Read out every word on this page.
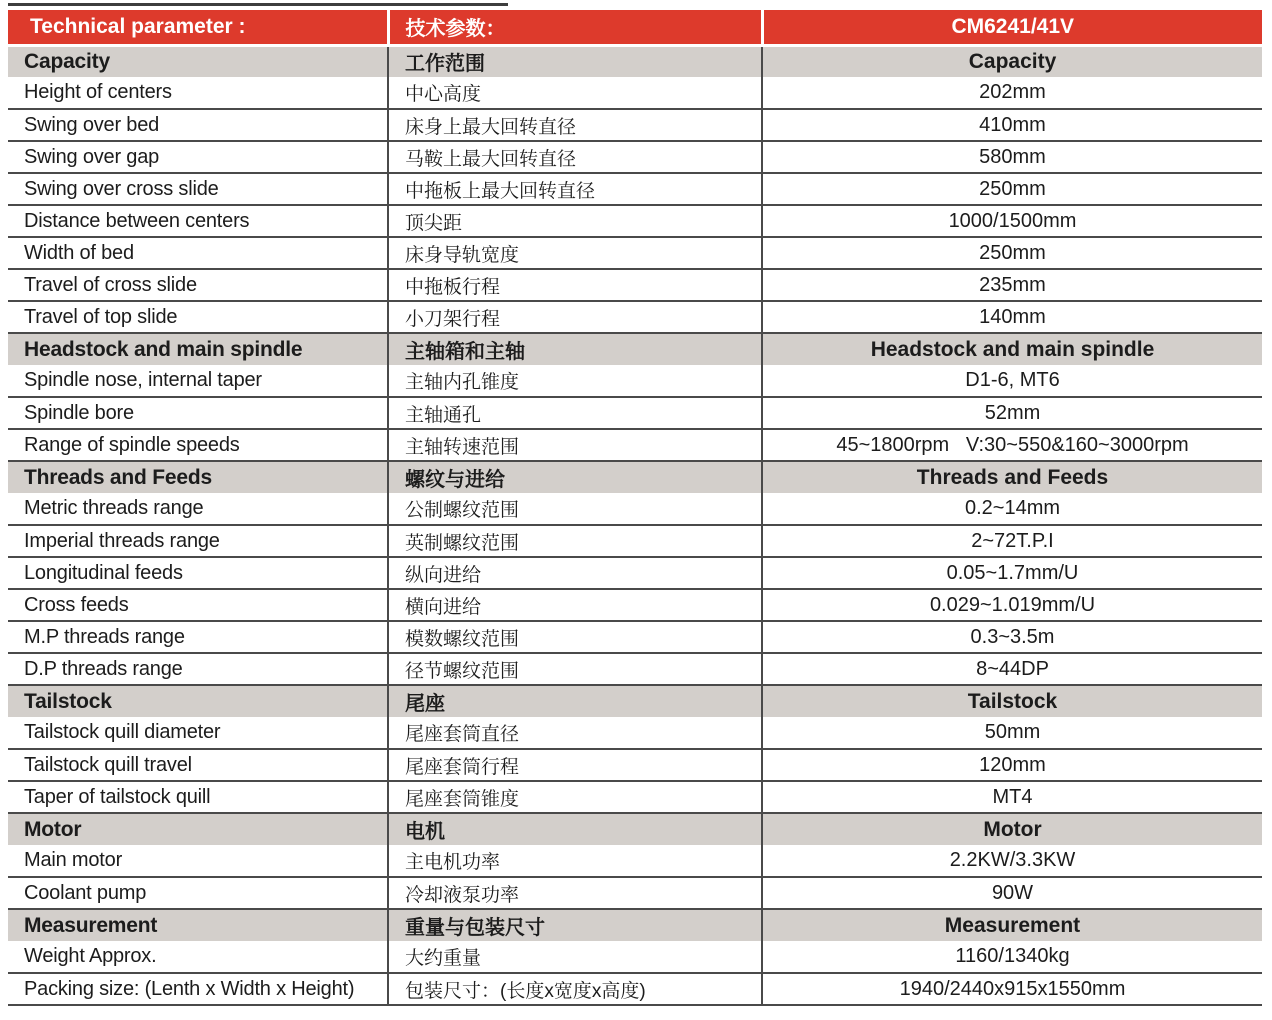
Technical parameter :	技术参数：	CM6241/41V
Capacity	工作范围	Capacity
Height of centers	中心高度	202mm
Swing over bed	床身上最大回转直径	410mm
Swing over gap	马鞍上最大回转直径	580mm
Swing over cross slide	中拖板上最大回转直径	250mm
Distance between centers	顶尖距	1000/1500mm
Width of bed	床身导轨宽度	250mm
Travel of cross slide	中拖板行程	235mm
Travel of top slide	小刀架行程	140mm
Headstock and main spindle	主轴箱和主轴	Headstock and main spindle
Spindle nose, internal taper	主轴内孔锥度	D1-6, MT6
Spindle bore	主轴通孔	52mm
Range of spindle speeds	主轴转速范围	45~1800rpm   V:30~550&160~3000rpm
Threads and Feeds	螺纹与进给	Threads and Feeds
Metric threads range	公制螺纹范围	0.2~14mm
Imperial threads range	英制螺纹范围	2~72T.P.I
Longitudinal feeds	纵向进给	0.05~1.7mm/U
Cross feeds	横向进给	0.029~1.019mm/U
M.P threads range	模数螺纹范围	0.3~3.5m
D.P threads range	径节螺纹范围	8~44DP
Tailstock	尾座	Tailstock
Tailstock quill diameter	尾座套筒直径	50mm
Tailstock quill travel	尾座套筒行程	120mm
Taper of tailstock quill	尾座套筒锥度	MT4
Motor	电机	Motor
Main motor	主电机功率	2.2KW/3.3KW
Coolant pump	冷却液泵功率	90W
Measurement	重量与包装尺寸	Measurement
Weight Approx.	大约重量	1160/1340kg
Packing size: (Lenth x Width x Height)	包装尺寸：(长度x宽度x高度)	1940/2440x915x1550mm
